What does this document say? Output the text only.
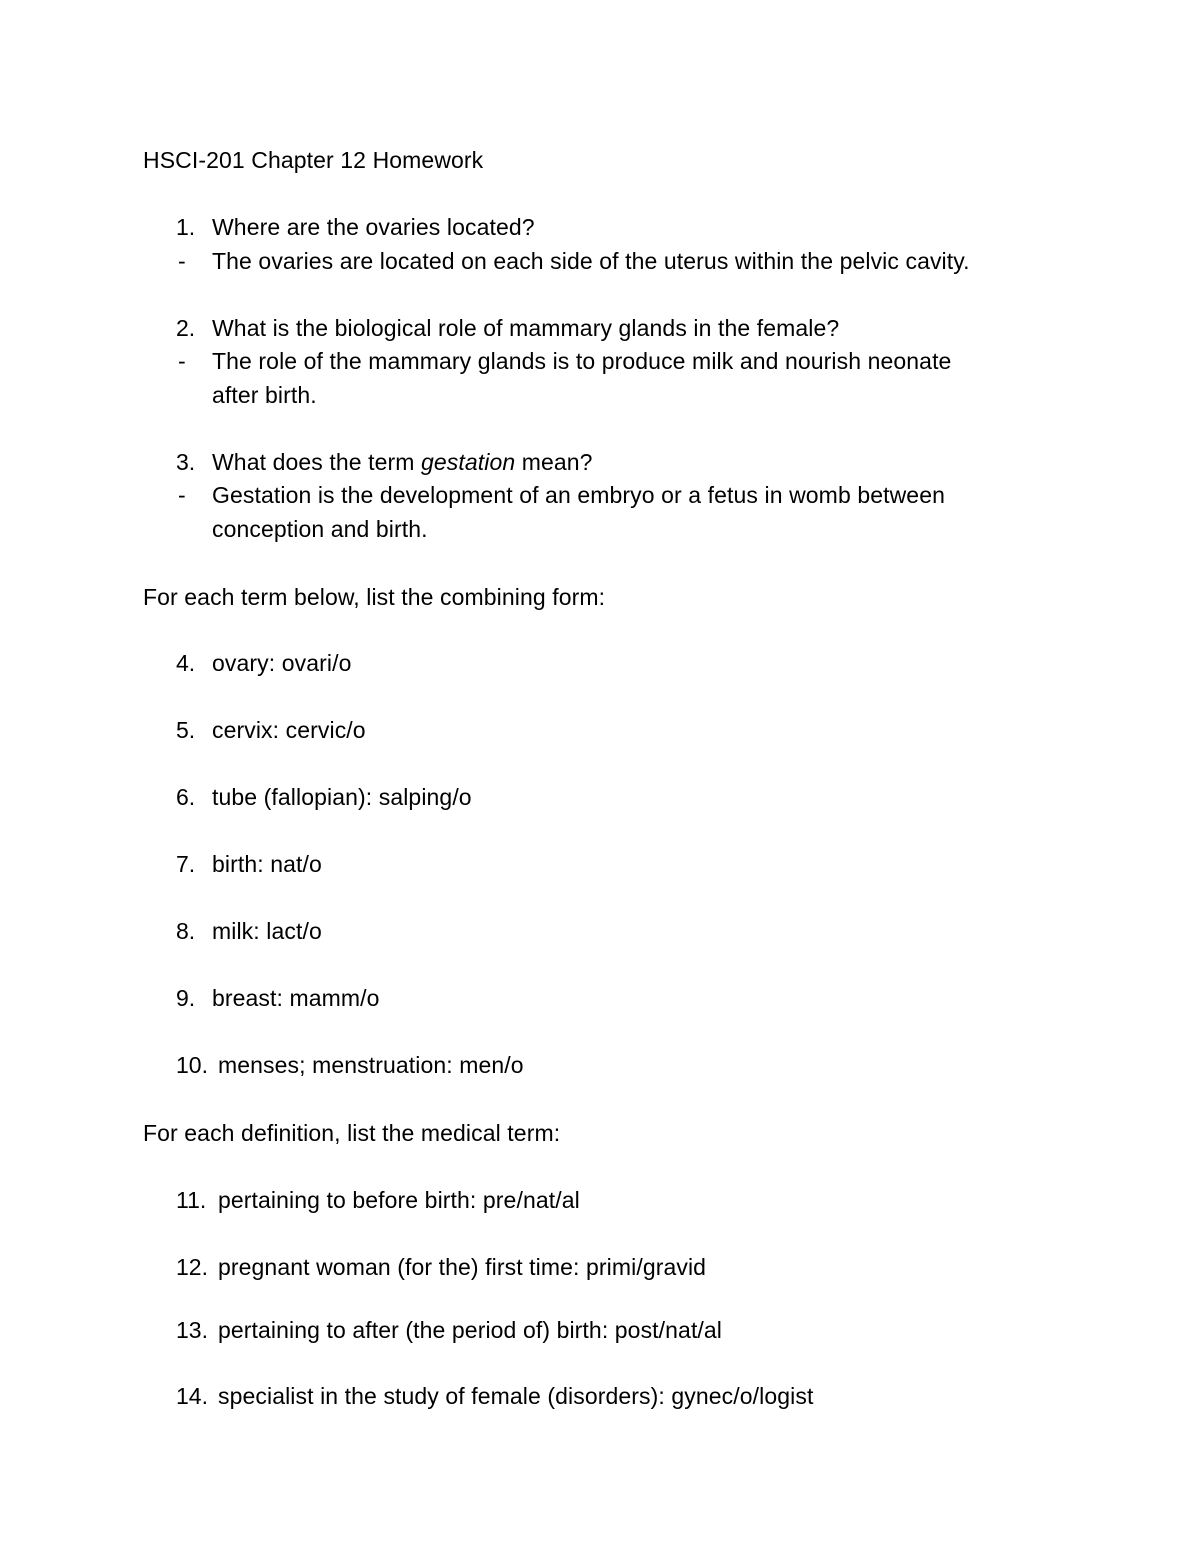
HSCI-201 Chapter 12 Homework
1. Where are the ovaries located?
- The ovaries are located on each side of the uterus within the pelvic cavity.
2. What is the biological role of mammary glands in the female?
- The role of the mammary glands is to produce milk and nourish neonate
after birth.
3. What does the term gestation mean?
- Gestation is the development of an embryo or a fetus in womb between
conception and birth.
For each term below, list the combining form:
4. ovary: ovari/o
5. cervix: cervic/o
6. tube (fallopian): salping/o
7. birth: nat/o
8. milk: lact/o
9. breast: mamm/o
10. menses; menstruation: men/o
For each definition, list the medical term:
11. pertaining to before birth: pre/nat/al
12. pregnant woman (for the) first time: primi/gravid
13. pertaining to after (the period of) birth: post/nat/al
14. specialist in the study of female (disorders): gynec/o/logist
